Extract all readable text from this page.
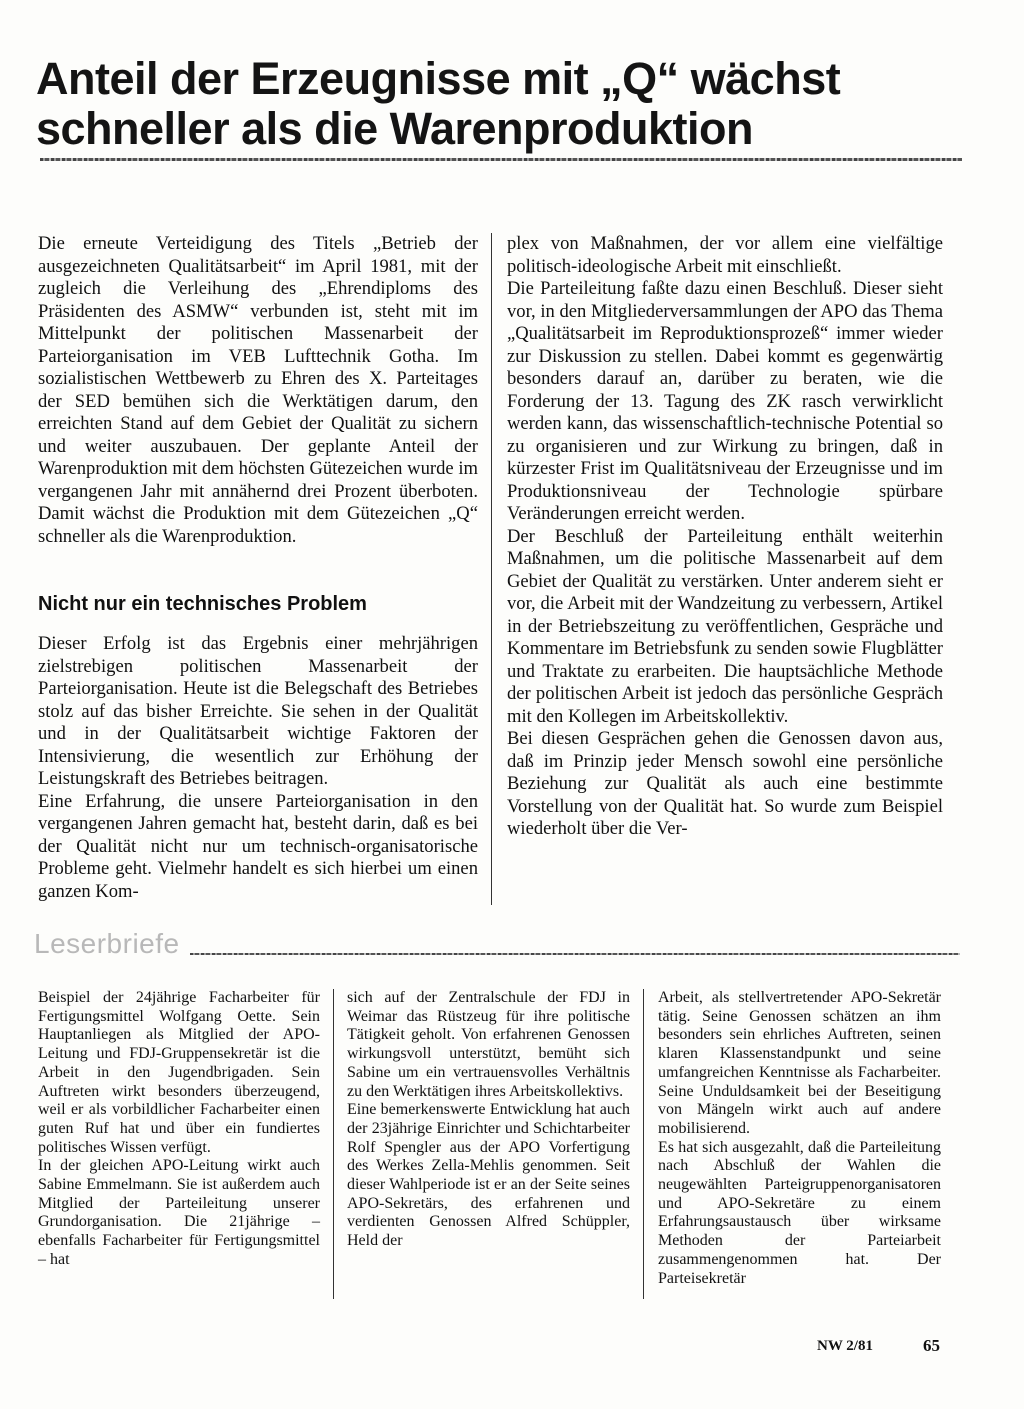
Anteil der Erzeugnisse mit „Q“ wächst schneller als die Warenproduktion

Die erneute Verteidigung des Titels „Betrieb der ausgezeichneten Qualitätsarbeit“ im April 1981, mit der zugleich die Verleihung des „Ehrendiploms des Präsidenten des ASMW“ verbunden ist, steht mit im Mittelpunkt der politischen Massenarbeit der Parteiorganisation im VEB Lufttechnik Gotha. Im sozialistischen Wettbewerb zu Ehren des X. Parteitages der SED bemühen sich die Werktätigen darum, den erreichten Stand auf dem Gebiet der Qualität zu sichern und weiter auszubauen. Der geplante Anteil der Warenproduktion mit dem höchsten Gütezeichen wurde im vergangenen Jahr mit annähernd drei Prozent überboten. Damit wächst die Produktion mit dem Gütezeichen „Q“ schneller als die Warenproduktion.

Nicht nur ein technisches Problem

Dieser Erfolg ist das Ergebnis einer mehrjährigen zielstrebigen politischen Massenarbeit der Parteiorganisation. Heute ist die Belegschaft des Betriebes stolz auf das bisher Erreichte. Sie sehen in der Qualität und in der Qualitätsarbeit wichtige Faktoren der Intensivierung, die wesentlich zur Erhöhung der Leistungskraft des Betriebes beitragen.

Eine Erfahrung, die unsere Parteiorganisation in den vergangenen Jahren gemacht hat, besteht darin, daß es bei der Qualität nicht nur um technisch-organisatorische Probleme geht. Vielmehr handelt es sich hierbei um einen ganzen Kom-

plex von Maßnahmen, der vor allem eine vielfältige politisch-ideologische Arbeit mit einschließt.

Die Parteileitung faßte dazu einen Beschluß. Dieser sieht vor, in den Mitgliederversammlungen der APO das Thema „Qualitätsarbeit im Reproduktionsprozeß“ immer wieder zur Diskussion zu stellen. Dabei kommt es gegenwärtig besonders darauf an, darüber zu beraten, wie die Forderung der 13. Tagung des ZK rasch verwirklicht werden kann, das wissenschaftlich-technische Potential so zu organisieren und zur Wirkung zu bringen, daß in kürzester Frist im Qualitätsniveau der Erzeugnisse und im Produktionsniveau der Technologie spürbare Veränderungen erreicht werden.

Der Beschluß der Parteileitung enthält weiterhin Maßnahmen, um die politische Massenarbeit auf dem Gebiet der Qualität zu verstärken. Unter anderem sieht er vor, die Arbeit mit der Wandzeitung zu verbessern, Artikel in der Betriebszeitung zu veröffentlichen, Gespräche und Kommentare im Betriebsfunk zu senden sowie Flugblätter und Traktate zu erarbeiten. Die hauptsächliche Methode der politischen Arbeit ist jedoch das persönliche Gespräch mit den Kollegen im Arbeitskollektiv.

Bei diesen Gesprächen gehen die Genossen davon aus, daß im Prinzip jeder Mensch sowohl eine persönliche Beziehung zur Qualität als auch eine bestimmte Vorstellung von der Qualität hat. So wurde zum Beispiel wiederholt über die Ver-

Leserbriefe

Beispiel der 24jährige Facharbeiter für Fertigungsmittel Wolfgang Oette. Sein Hauptanliegen als Mitglied der APO-Leitung und FDJ-Gruppensekretär ist die Arbeit in den Jugendbrigaden. Sein Auftreten wirkt besonders überzeugend, weil er als vorbildlicher Facharbeiter einen guten Ruf hat und über ein fundiertes politisches Wissen verfügt.

In der gleichen APO-Leitung wirkt auch Sabine Emmelmann. Sie ist außerdem auch Mitglied der Parteileitung unserer Grundorganisation. Die 21jährige – ebenfalls Facharbeiter für Fertigungsmittel – hat

sich auf der Zentralschule der FDJ in Weimar das Rüstzeug für ihre politische Tätigkeit geholt. Von erfahrenen Genossen wirkungsvoll unterstützt, bemüht sich Sabine um ein vertrauensvolles Verhältnis zu den Werktätigen ihres Arbeitskollektivs.

Eine bemerkenswerte Entwicklung hat auch der 23jährige Einrichter und Schichtarbeiter Rolf Spengler aus der APO Vorfertigung des Werkes Zella-Mehlis genommen. Seit dieser Wahlperiode ist er an der Seite seines APO-Sekretärs, des erfahrenen und verdienten Genossen Alfred Schüppler, Held der

Arbeit, als stellvertretender APO-Sekretär tätig. Seine Genossen schätzen an ihm besonders sein ehrliches Auftreten, seinen klaren Klassenstandpunkt und seine umfangreichen Kenntnisse als Facharbeiter. Seine Unduldsamkeit bei der Beseitigung von Mängeln wirkt auch auf andere mobilisierend.

Es hat sich ausgezahlt, daß die Parteileitung nach Abschluß der Wahlen die neugewählten Parteigruppenorganisatoren und APO-Sekretäre zu einem Erfahrungsaustausch über wirksame Methoden der Parteiarbeit zusammengenommen hat. Der Parteisekretär

NW 2/81	65
